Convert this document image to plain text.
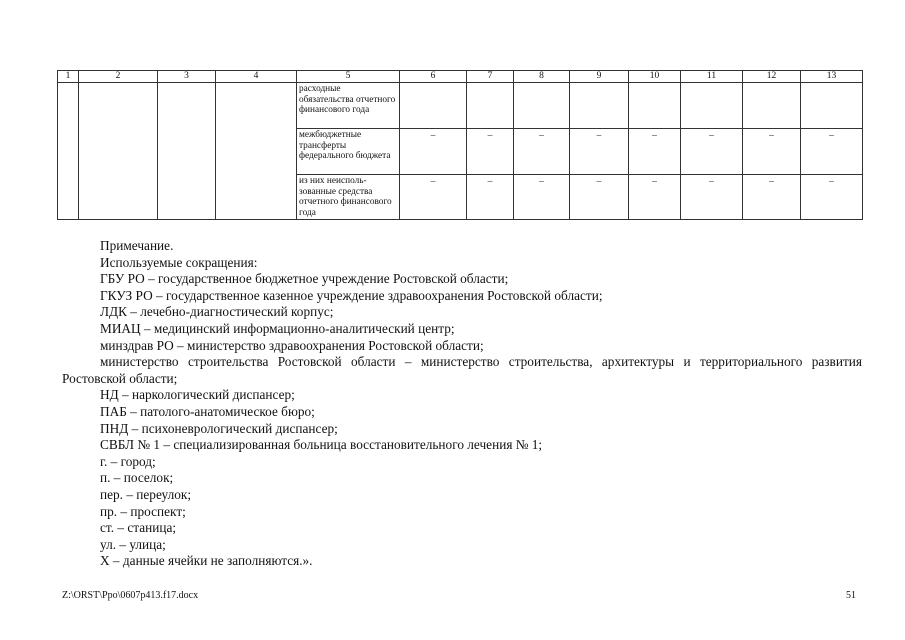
1	2	3	4	5	6	7	8	9	10	11	12	13
				расходные обязательства отчетного финансового года								
				межбюджетные трансферты федерального бюджета	–	–	–	–	–	–	–	–
				из них неисполь-зованные средства отчетного финансового года	–	–	–	–	–	–	–	–

Примечание.

Используемые сокращения:

ГБУ РО – государственное бюджетное учреждение Ростовской области;

ГКУЗ РО – государственное казенное учреждение здравоохранения Ростовской области;

ЛДК – лечебно-диагностический корпус;

МИАЦ – медицинский информационно-аналитический центр;

минздрав РО – министерство здравоохранения Ростовской области;

министерство строительства Ростовской области – министерство строительства, архитектуры и территориального развития Ростовской области;

НД – наркологический диспансер;

ПАБ – патолого-анатомическое бюро;

ПНД – психоневрологический диспансер;

СВБЛ № 1 – специализированная больница восстановительного лечения № 1;

г. – город;

п. – поселок;

пер. – переулок;

пр. – проспект;

ст. – станица;

ул. – улица;

Х – данные ячейки не заполняются.».

Z:\ORST\Ppo\0607p413.f17.docx	51
